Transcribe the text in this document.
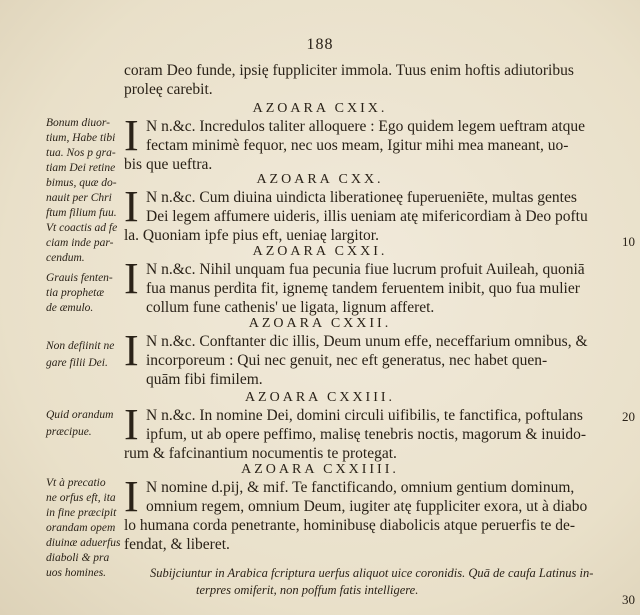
188
coram Deo funde, ipsię fuppliciter immola. Tuus enim hoftis adiutoribus
proleę carebit.
AZOARA CXIX.
I N n.&c. Incredulos taliter alloquere : Ego quidem legem ueftram atque
fectam minimè fequor, nec uos meam, Igitur mihi mea maneant, uo-
bis que ueftra.
AZOARA CXX.
I N n.&c. Cum diuina uindicta liberationeę fuperueniēte, multas gentes
Dei legem affumere uideris, illis ueniam atę mifericordiam à Deo poftu
la. Quoniam ipfe pius eft, ueniaę largitor.
AZOARA CXXI.
I N n.&c. Nihil unquam fua pecunia fiue lucrum profuit Auileah, quoniā
fua manus perdita fit, ignemę tandem feruentem inibit, quo fua mulier
collum fune cathenis' ue ligata, lignum afferet.
AZOARA CXXII.
I N n.&c. Conftanter dic illis, Deum unum effe, neceffarium omnibus, &
incorporeum : Qui nec genuit, nec eft generatus, nec habet quen-
quām fibi fimilem.
AZOARA CXXIII.
I N n.&c. In nomine Dei, domini circuli uifibilis, te fanctifica, poftulans
ipfum, ut ab opere peffimo, malisę tenebris noctis, magorum & inuido-
rum & fafcinantium nocumentis te protegat.
AZOARA CXXIIII.
I N nomine d.pij, & mif. Te fanctificando, omnium gentium dominum,
omnium regem, omnium Deum, iugiter atę fuppliciter exora, ut à diabo
lo humana corda penetrante, hominibusę diabolicis atque peruerfis te de-
fendat, & liberet.
Subijciuntur in Arabica fcriptura uerfus aliquot uice coronidis. Quā de caufa Latinus in-
terpres omiferit, non poffum fatis intelligere.
Bonum diuor-
tium, Habe tibi
tua. Nos p gra-
tiam Dei retine
bimus, quæ do-
nauit per Chri
ftum filium fuu.
Vt coactis ad fe
ciam inde par-
cendum.
Grauis fenten-
tia prophetæ
de æmulo.
Non defiinit ne
gare filii Dei.
Quid orandum
præcipue.
Vt à precatio
ne orfus eft, ita
in fine præcipit
orandam opem
diuinæ aduerfus
diaboli & pra
uos homines.
10
20
30
